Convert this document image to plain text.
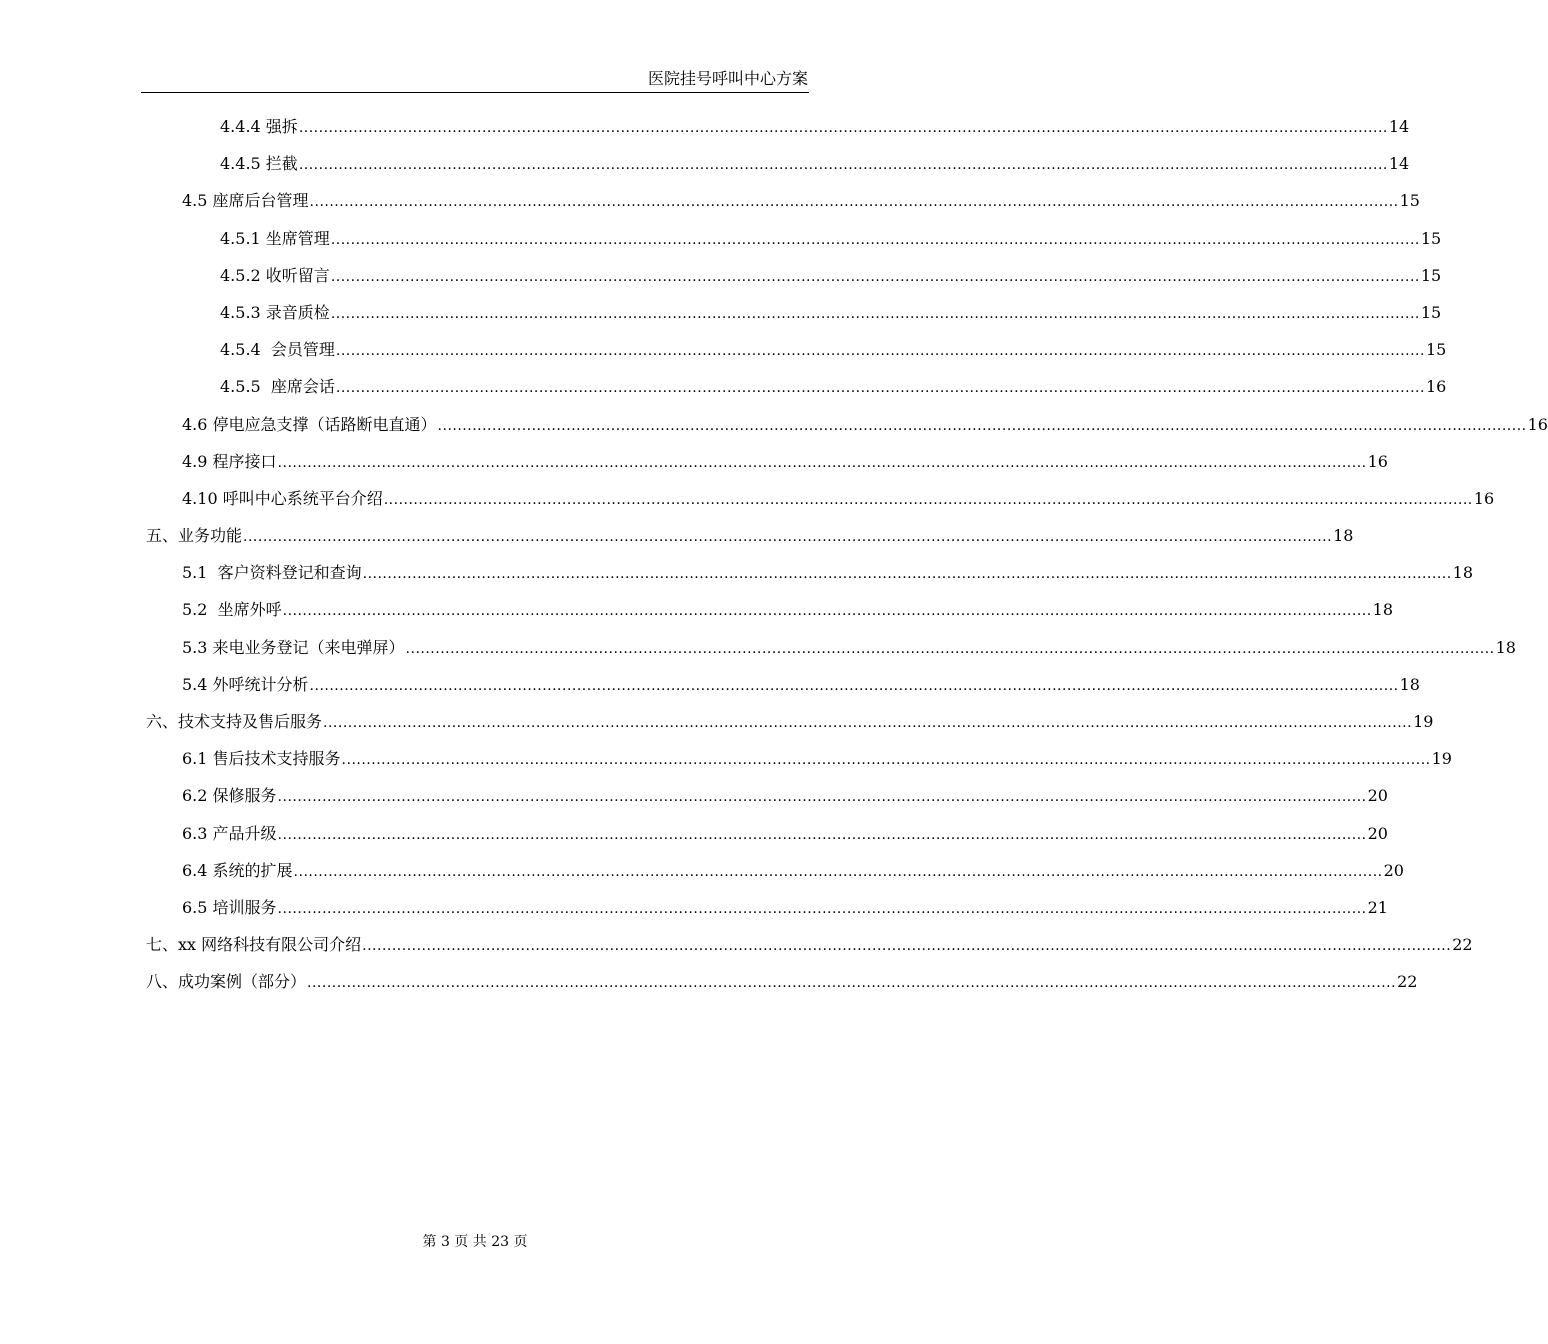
医院挂号呼叫中心方案
4.4.4 强拆 ............................................................................................................................................................................................................................ 14
4.4.5 拦截 ............................................................................................................................................................................................................................ 14
4.5 座席后台管理 ............................................................................................................................................................................................................................ 15
4.5.1 坐席管理 ............................................................................................................................................................................................................................ 15
4.5.2 收听留言 ............................................................................................................................................................................................................................ 15
4.5.3 录音质检 ............................................................................................................................................................................................................................ 15
4.5.4  会员管理 ............................................................................................................................................................................................................................ 15
4.5.5  座席会话 ............................................................................................................................................................................................................................ 16
4.6 停电应急支撑（话路断电直通） ............................................................................................................................................................................................................................ 16
4.9 程序接口 ............................................................................................................................................................................................................................ 16
4.10 呼叫中心系统平台介绍 ............................................................................................................................................................................................................................ 16
五、业务功能 ............................................................................................................................................................................................................................ 18
5.1  客户资料登记和查询 ............................................................................................................................................................................................................................ 18
5.2  坐席外呼 ............................................................................................................................................................................................................................ 18
5.3 来电业务登记（来电弹屏） ............................................................................................................................................................................................................................ 18
5.4 外呼统计分析 ............................................................................................................................................................................................................................ 18
六、技术支持及售后服务 ............................................................................................................................................................................................................................ 19
6.1 售后技术支持服务 ............................................................................................................................................................................................................................ 19
6.2 保修服务 ............................................................................................................................................................................................................................ 20
6.3 产品升级 ............................................................................................................................................................................................................................ 20
6.4 系统的扩展 ............................................................................................................................................................................................................................ 20
6.5 培训服务 ............................................................................................................................................................................................................................ 21
七、xx 网络科技有限公司介绍 ............................................................................................................................................................................................................................ 22
八、成功案例（部分） ............................................................................................................................................................................................................................ 22
第 3 页 共 23 页
